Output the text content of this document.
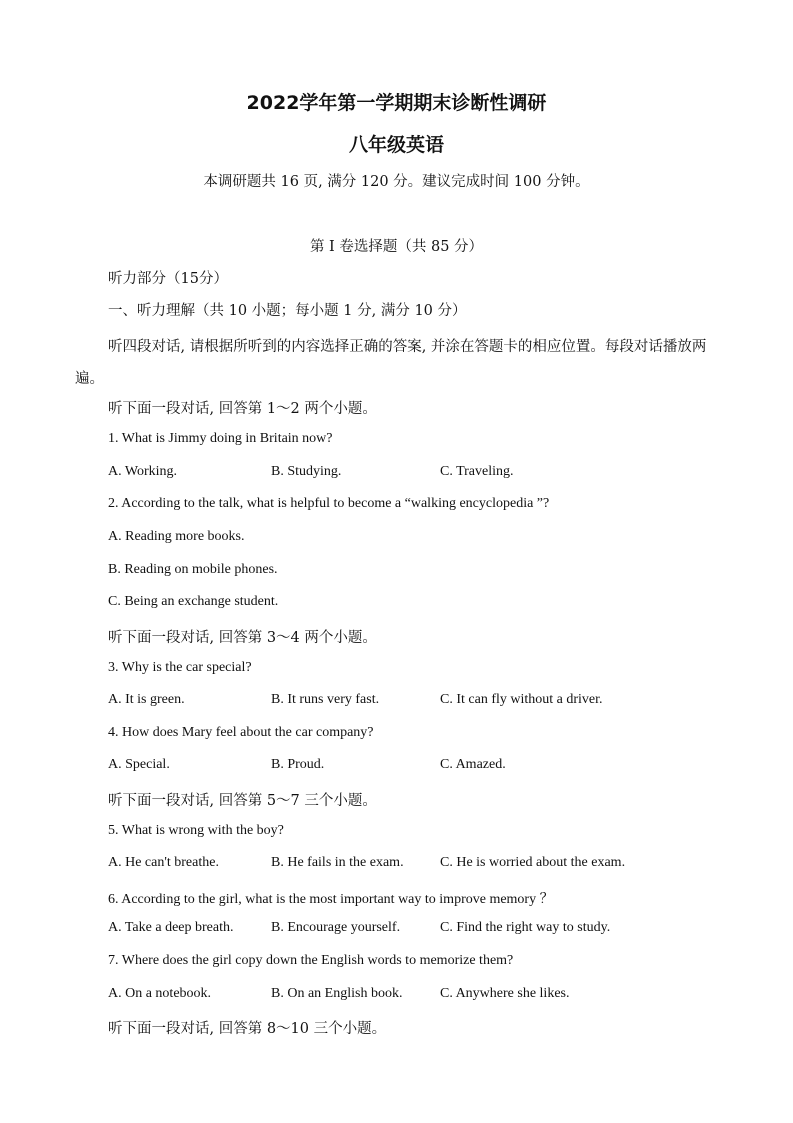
2022学年第一学期期末诊断性调研
八年级英语
本调研题共 16 页, 满分 120 分。建议完成时间 100 分钟。
第 I 卷选择题（共 85 分）
听力部分（15分）
一、听力理解（共 10 小题；每小题 1 分, 满分 10 分）
听四段对话, 请根据所听到的内容选择正确的答案, 并涂在答题卡的相应位置。每段对话播放两遍。
听下面一段对话, 回答第 1～2 两个小题。
1. What is Jimmy doing in Britain now?
A. Working.	B. Studying.	C. Traveling.
2. According to the talk, what is helpful to become a “walking encyclopedia ”?
A. Reading more books.
B. Reading on mobile phones.
C. Being an exchange student.
听下面一段对话, 回答第 3～4 两个小题。
3. Why is the car special?
A. It is green.	B. It runs very fast.	C. It can fly without a driver.
4. How does Mary feel about the car company?
A. Special.	B. Proud.	C. Amazed.
听下面一段对话, 回答第 5～7 三个小题。
5. What is wrong with the boy?
A. He can't breathe.	B. He fails in the exam.	C. He is worried about the exam.
6. According to the girl, what is the most important way to improve memory ？
A. Take a deep breath.	B. Encourage yourself.	C. Find the right way to study.
7. Where does the girl copy down the English words to memorize them?
A. On a notebook.	B. On an English book.	C. Anywhere she likes.
听下面一段对话, 回答第 8～10 三个小题。
